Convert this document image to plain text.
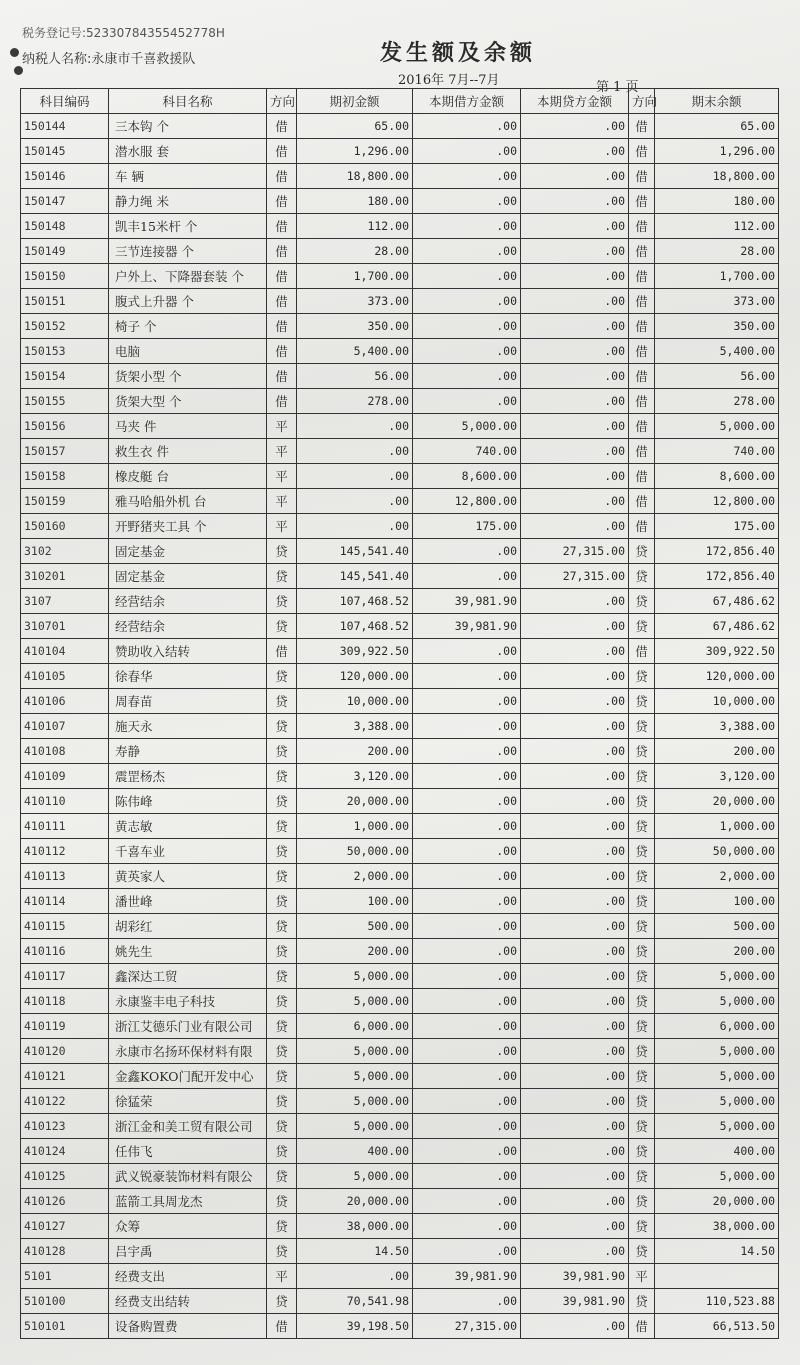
税务登记号:52330784355452778H
纳税人名称:永康市千喜救援队	发生额及余额
2016年 7月--7月	第 1 页
科目编码	科目名称	方向	期初金额	本期借方金额	本期贷方金额	方向	期末余额
150144	三本钩 个	借	65.00	.00	.00	借	65.00
150145	潜水服 套	借	1,296.00	.00	.00	借	1,296.00
150146	车 辆	借	18,800.00	.00	.00	借	18,800.00
150147	静力绳 米	借	180.00	.00	.00	借	180.00
150148	凯丰15米杆 个	借	112.00	.00	.00	借	112.00
150149	三节连接器 个	借	28.00	.00	.00	借	28.00
150150	户外上、下降器套装 个	借	1,700.00	.00	.00	借	1,700.00
150151	腹式上升器 个	借	373.00	.00	.00	借	373.00
150152	椅子 个	借	350.00	.00	.00	借	350.00
150153	电脑	借	5,400.00	.00	.00	借	5,400.00
150154	货架小型 个	借	56.00	.00	.00	借	56.00
150155	货架大型 个	借	278.00	.00	.00	借	278.00
150156	马夹 件	平	.00	5,000.00	.00	借	5,000.00
150157	救生衣 件	平	.00	740.00	.00	借	740.00
150158	橡皮艇 台	平	.00	8,600.00	.00	借	8,600.00
150159	雅马哈船外机 台	平	.00	12,800.00	.00	借	12,800.00
150160	开野猪夹工具 个	平	.00	175.00	.00	借	175.00
3102	固定基金	贷	145,541.40	.00	27,315.00	贷	172,856.40
310201	固定基金	贷	145,541.40	.00	27,315.00	贷	172,856.40
3107	经营结余	贷	107,468.52	39,981.90	.00	贷	67,486.62
310701	经营结余	贷	107,468.52	39,981.90	.00	贷	67,486.62
410104	赞助收入结转	借	309,922.50	.00	.00	借	309,922.50
410105	徐春华	贷	120,000.00	.00	.00	贷	120,000.00
410106	周春苗	贷	10,000.00	.00	.00	贷	10,000.00
410107	施天永	贷	3,388.00	.00	.00	贷	3,388.00
410108	寿静	贷	200.00	.00	.00	贷	200.00
410109	震罡杨杰	贷	3,120.00	.00	.00	贷	3,120.00
410110	陈伟峰	贷	20,000.00	.00	.00	贷	20,000.00
410111	黄志敏	贷	1,000.00	.00	.00	贷	1,000.00
410112	千喜车业	贷	50,000.00	.00	.00	贷	50,000.00
410113	黄英家人	贷	2,000.00	.00	.00	贷	2,000.00
410114	潘世峰	贷	100.00	.00	.00	贷	100.00
410115	胡彩红	贷	500.00	.00	.00	贷	500.00
410116	姚先生	贷	200.00	.00	.00	贷	200.00
410117	鑫深达工贸	贷	5,000.00	.00	.00	贷	5,000.00
410118	永康鉴丰电子科技	贷	5,000.00	.00	.00	贷	5,000.00
410119	浙江艾德乐门业有限公司	贷	6,000.00	.00	.00	贷	6,000.00
410120	永康市名扬环保材料有限	贷	5,000.00	.00	.00	贷	5,000.00
410121	金鑫KOKO门配开发中心	贷	5,000.00	.00	.00	贷	5,000.00
410122	徐猛荣	贷	5,000.00	.00	.00	贷	5,000.00
410123	浙江金和美工贸有限公司	贷	5,000.00	.00	.00	贷	5,000.00
410124	任伟飞	贷	400.00	.00	.00	贷	400.00
410125	武义锐豪装饰材料有限公	贷	5,000.00	.00	.00	贷	5,000.00
410126	蓝箭工具周龙杰	贷	20,000.00	.00	.00	贷	20,000.00
410127	众筹	贷	38,000.00	.00	.00	贷	38,000.00
410128	吕宇禹	贷	14.50	.00	.00	贷	14.50
5101	经费支出	平	.00	39,981.90	39,981.90	平	
510100	经费支出结转	贷	70,541.98	.00	39,981.90	贷	110,523.88
510101	设备购置费	借	39,198.50	27,315.00	.00	借	66,513.50
